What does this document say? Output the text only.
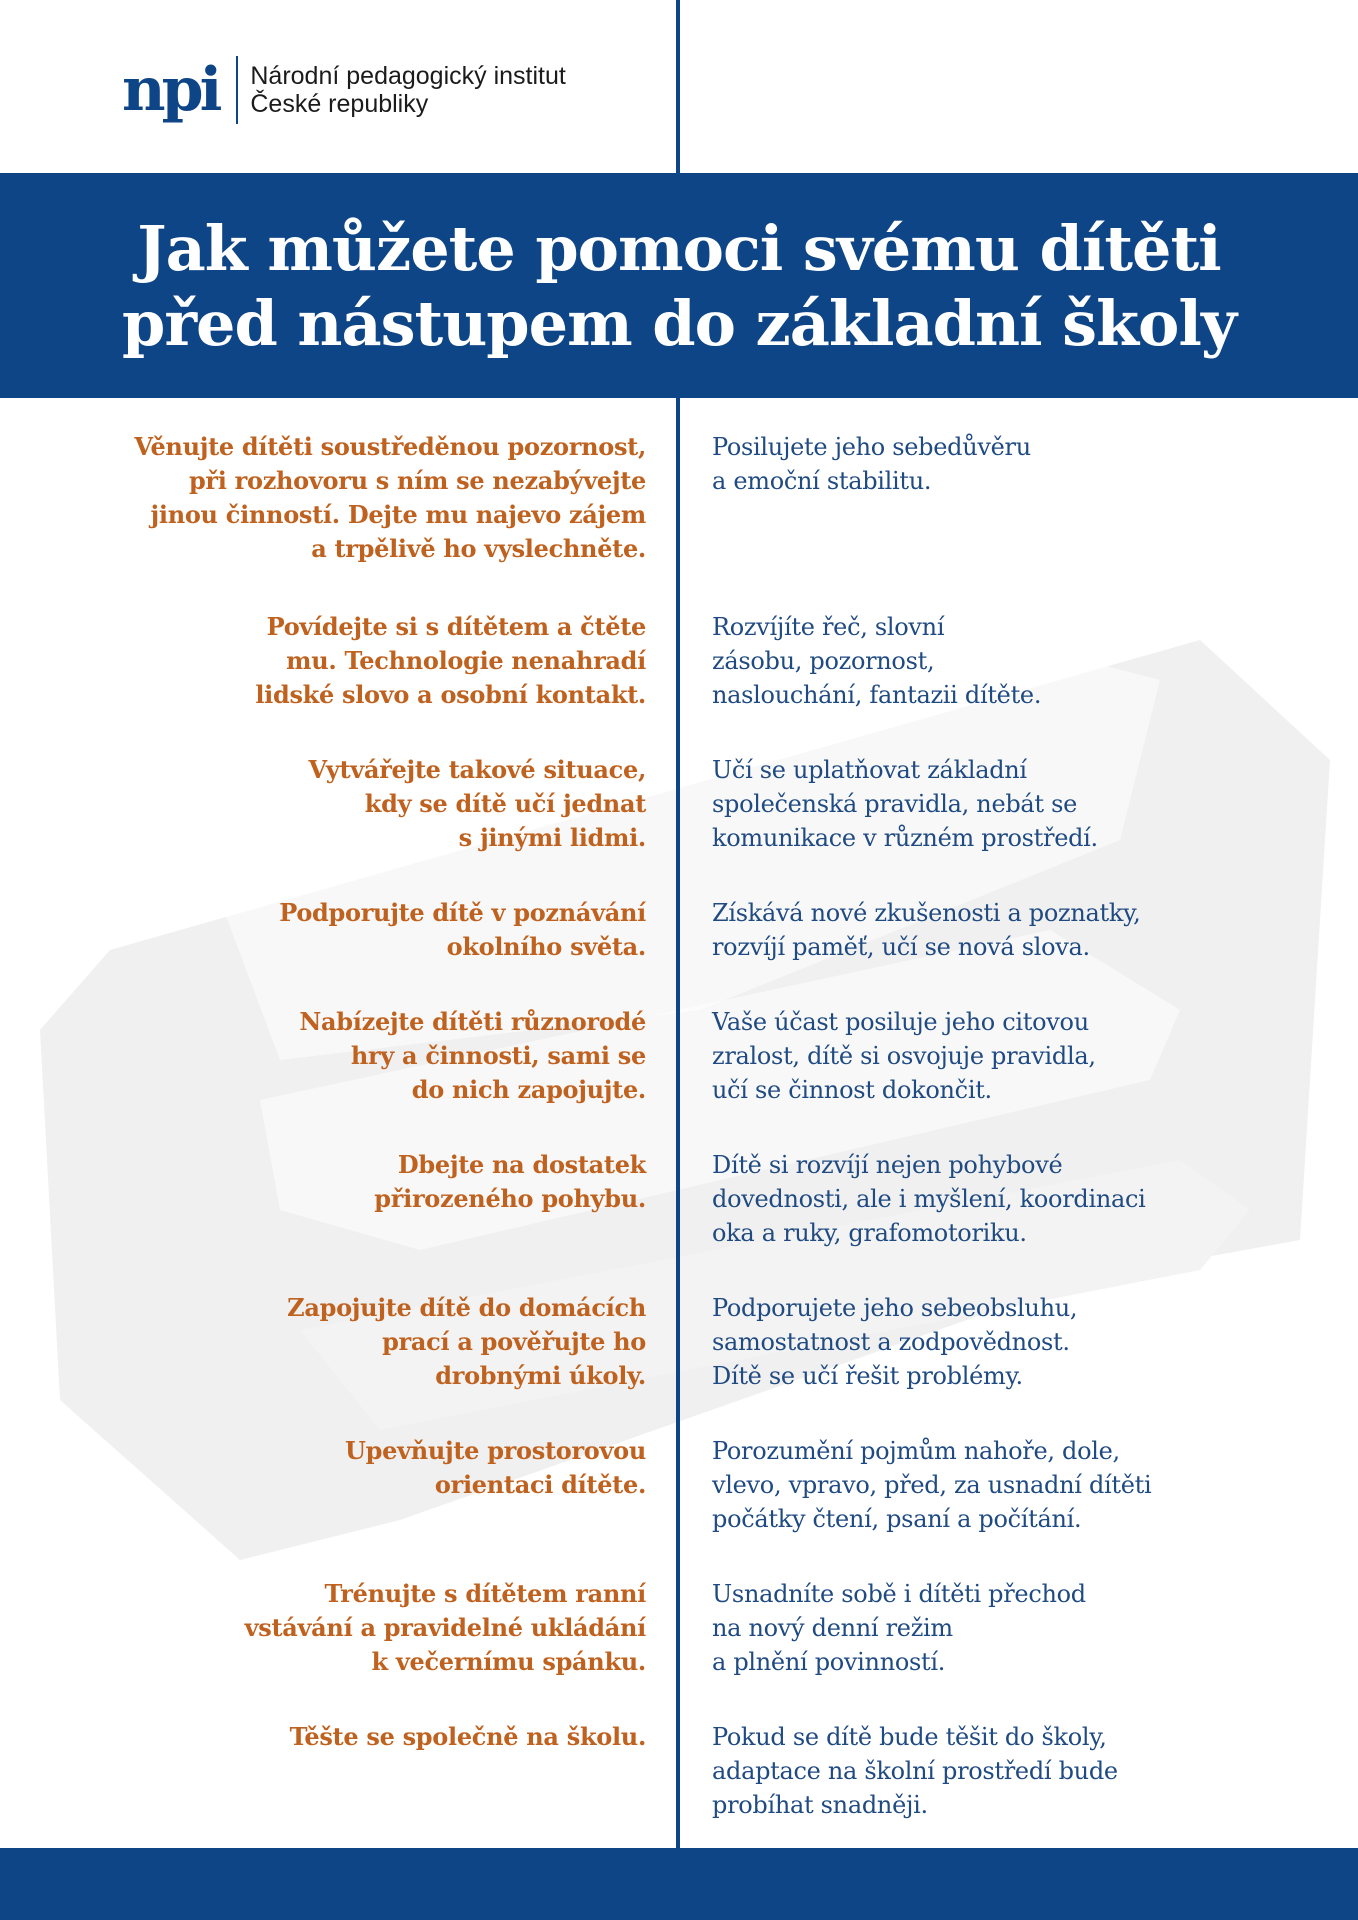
npi Národní pedagogický institut
České republiky
Jak můžete pomoci svému dítěti
před nástupem do základní školy
Věnujte dítěti soustředěnou pozornost,
při rozhovoru s ním se nezabývejte
jinou činností. Dejte mu najevo zájem
a trpělivě ho vyslechněte.
Posilujete jeho sebedůvěru
a emoční stabilitu.
Povídejte si s dítětem a čtěte
mu. Technologie nenahradí
lidské slovo a osobní kontakt.
Rozvíjíte řeč, slovní
zásobu, pozornost,
naslouchání, fantazii dítěte.
Vytvářejte takové situace,
kdy se dítě učí jednat
s jinými lidmi.
Učí se uplatňovat základní
společenská pravidla, nebát se
komunikace v různém prostředí.
Podporujte dítě v poznávání
okolního světa.
Získává nové zkušenosti a poznatky,
rozvíjí paměť, učí se nová slova.
Nabízejte dítěti různorodé
hry a činnosti, sami se
do nich zapojujte.
Vaše účast posiluje jeho citovou
zralost, dítě si osvojuje pravidla,
učí se činnost dokončit.
Dbejte na dostatek
přirozeného pohybu.
Dítě si rozvíjí nejen pohybové
dovednosti, ale i myšlení, koordinaci
oka a ruky, grafomotoriku.
Zapojujte dítě do domácích
prací a pověřujte ho
drobnými úkoly.
Podporujete jeho sebeobsluhu,
samostatnost a zodpovědnost.
Dítě se učí řešit problémy.
Upevňujte prostorovou
orientaci dítěte.
Porozumění pojmům nahoře, dole,
vlevo, vpravo, před, za usnadní dítěti
počátky čtení, psaní a počítání.
Trénujte s dítětem ranní
vstávání a pravidelné ukládání
k večernímu spánku.
Usnadníte sobě i dítěti přechod
na nový denní režim
a plnění povinností.
Těšte se společně na školu.	Pokud se dítě bude těšit do školy,
adaptace na školní prostředí bude
probíhat snadněji.
